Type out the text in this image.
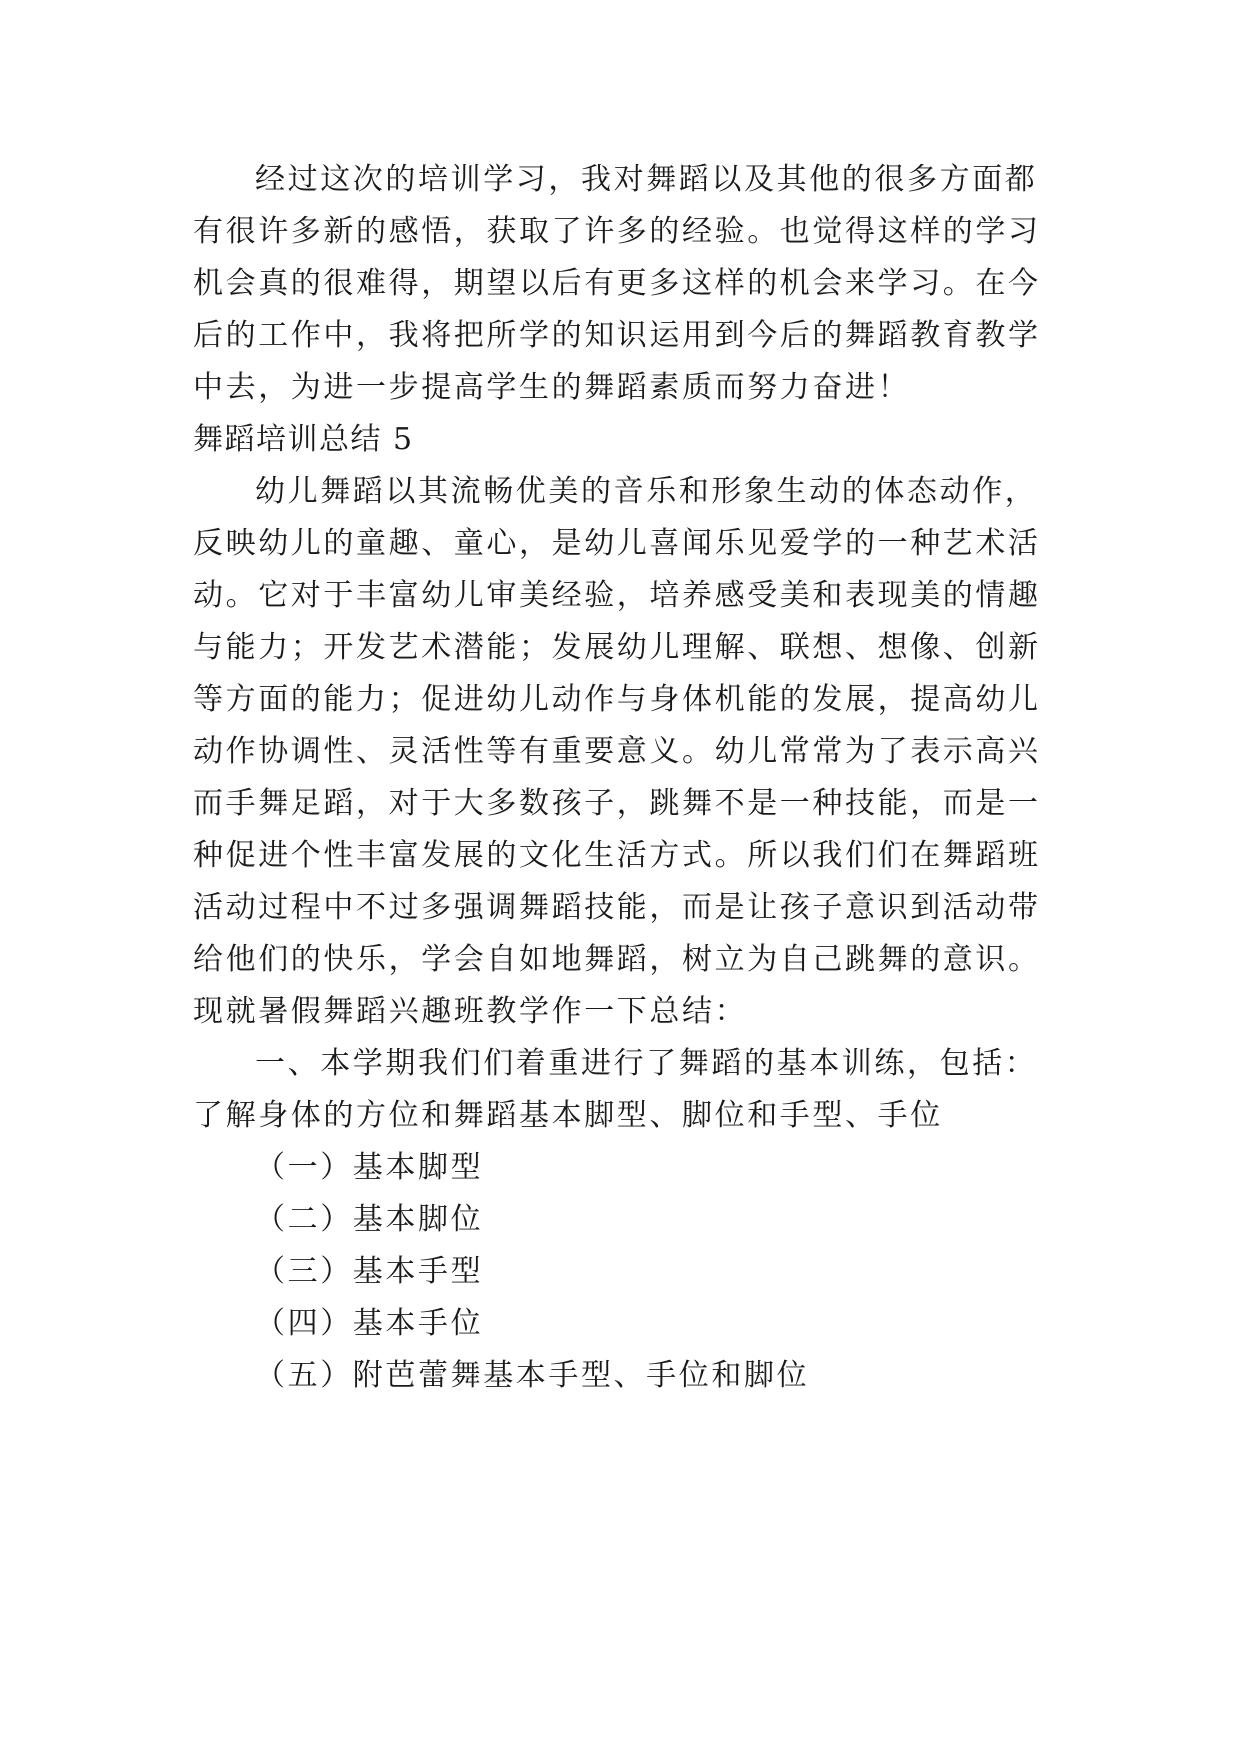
经过这次的培训学习，我对舞蹈以及其他的很多方面都
有很许多新的感悟，获取了许多的经验。也觉得这样的学习
机会真的很难得，期望以后有更多这样的机会来学习。在今
后的工作中，我将把所学的知识运用到今后的舞蹈教育教学
中去，为进一步提高学生的舞蹈素质而努力奋进！
舞蹈培训总结 5
幼儿舞蹈以其流畅优美的音乐和形象生动的体态动作，
反映幼儿的童趣、童心，是幼儿喜闻乐见爱学的一种艺术活
动。它对于丰富幼儿审美经验，培养感受美和表现美的情趣
与能力；开发艺术潜能；发展幼儿理解、联想、想像、创新
等方面的能力；促进幼儿动作与身体机能的发展，提高幼儿
动作协调性、灵活性等有重要意义。幼儿常常为了表示高兴
而手舞足蹈，对于大多数孩子，跳舞不是一种技能，而是一
种促进个性丰富发展的文化生活方式。所以我们们在舞蹈班
活动过程中不过多强调舞蹈技能，而是让孩子意识到活动带
给他们的快乐，学会自如地舞蹈，树立为自己跳舞的意识。
现就暑假舞蹈兴趣班教学作一下总结：
一、本学期我们们着重进行了舞蹈的基本训练，包括：
了解身体的方位和舞蹈基本脚型、脚位和手型、手位
（一）基本脚型
（二）基本脚位
（三）基本手型
（四）基本手位
（五）附芭蕾舞基本手型、手位和脚位
